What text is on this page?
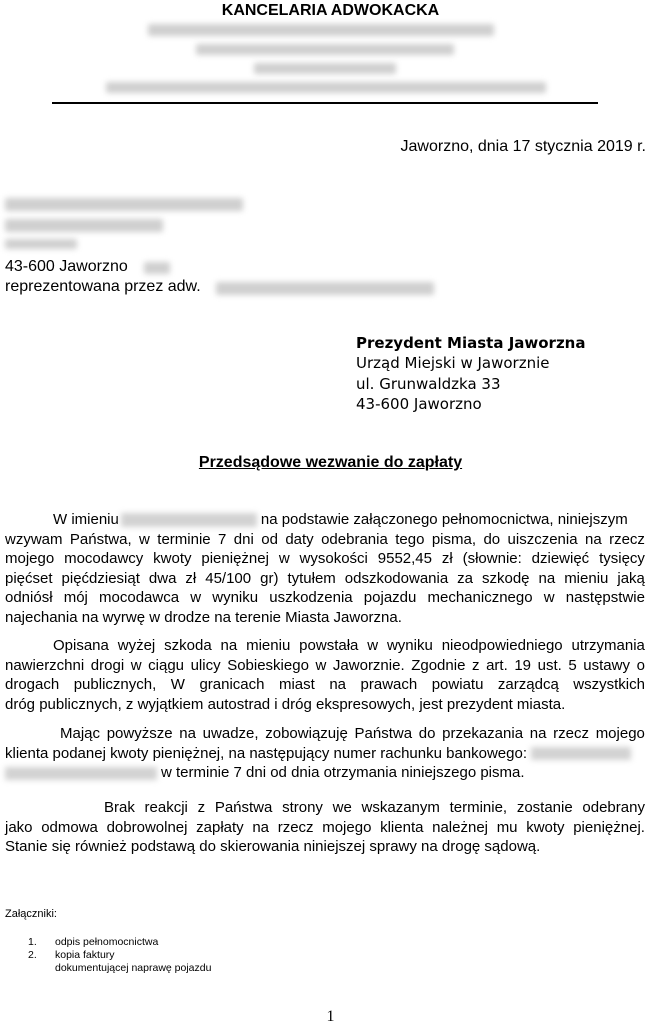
KANCELARIA ADWOKACKA
Jaworzno, dnia 17 stycznia 2019 r.
43-600 Jaworzno
reprezentowana przez adw.
Prezydent Miasta Jaworzna
Urząd Miejski w Jaworznie
ul. Grunwaldzka 33
43-600 Jaworzno
Przedsądowe wezwanie do zapłaty
W imieniu	na podstawie załączonego pełnomocnictwa, niniejszym
wzywam Państwa, w terminie 7 dni od daty odebrania tego pisma, do uiszczenia na rzecz
mojego mocodawcy kwoty pieniężnej w wysokości 9552,45 zł (słownie: dziewięć tysięcy
pięćset pięćdziesiąt dwa zł 45/100 gr) tytułem odszkodowania za szkodę na mieniu jaką
odniósł mój mocodawca w wyniku uszkodzenia pojazdu mechanicznego w następstwie
najechania na wyrwę w drodze na terenie Miasta Jaworzna.
Opisana wyżej szkoda na mieniu powstała w wyniku nieodpowiedniego utrzymania
nawierzchni drogi w ciągu ulicy Sobieskiego w Jaworznie. Zgodnie z art. 19 ust. 5 ustawy o
drogach publicznych, W granicach miast na prawach powiatu zarządcą wszystkich
dróg publicznych, z wyjątkiem autostrad i dróg ekspresowych, jest prezydent miasta.
Mając powyższe na uwadze, zobowiązuję Państwa do przekazania na rzecz mojego
klienta podanej kwoty pieniężnej, na następujący numer rachunku bankowego:
w terminie 7 dni od dnia otrzymania niniejszego pisma.
Brak reakcji z Państwa strony we wskazanym terminie, zostanie odebrany
jako odmowa dobrowolnej zapłaty na rzecz mojego klienta należnej mu kwoty pieniężnej.
Stanie się również podstawą do skierowania niniejszej sprawy na drogę sądową.
Załączniki:
1.	odpis pełnomocnictwa
2.	kopia faktury
dokumentującej naprawę pojazdu
1
